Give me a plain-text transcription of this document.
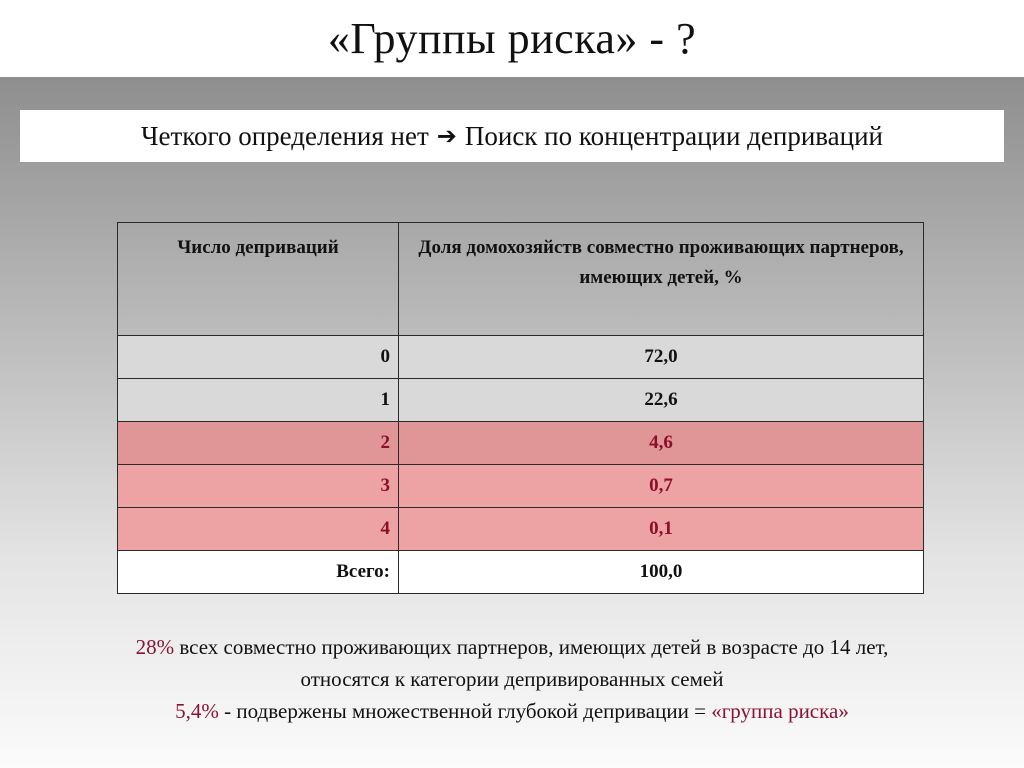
«Группы риска» - ?
Четкого определения нет ➔ Поиск по концентрации деприваций
Число деприваций	Доля домохозяйств совместно проживающих партнеров, имеющих детей, %
0	72,0
1	22,6
2	4,6
3	0,7
4	0,1
Всего:	100,0
28% всех совместно проживающих партнеров, имеющих детей в возрасте до 14 лет,
относятся к категории депривированных семей
5,4% - подвержены множественной глубокой депривации = «группа риска»
